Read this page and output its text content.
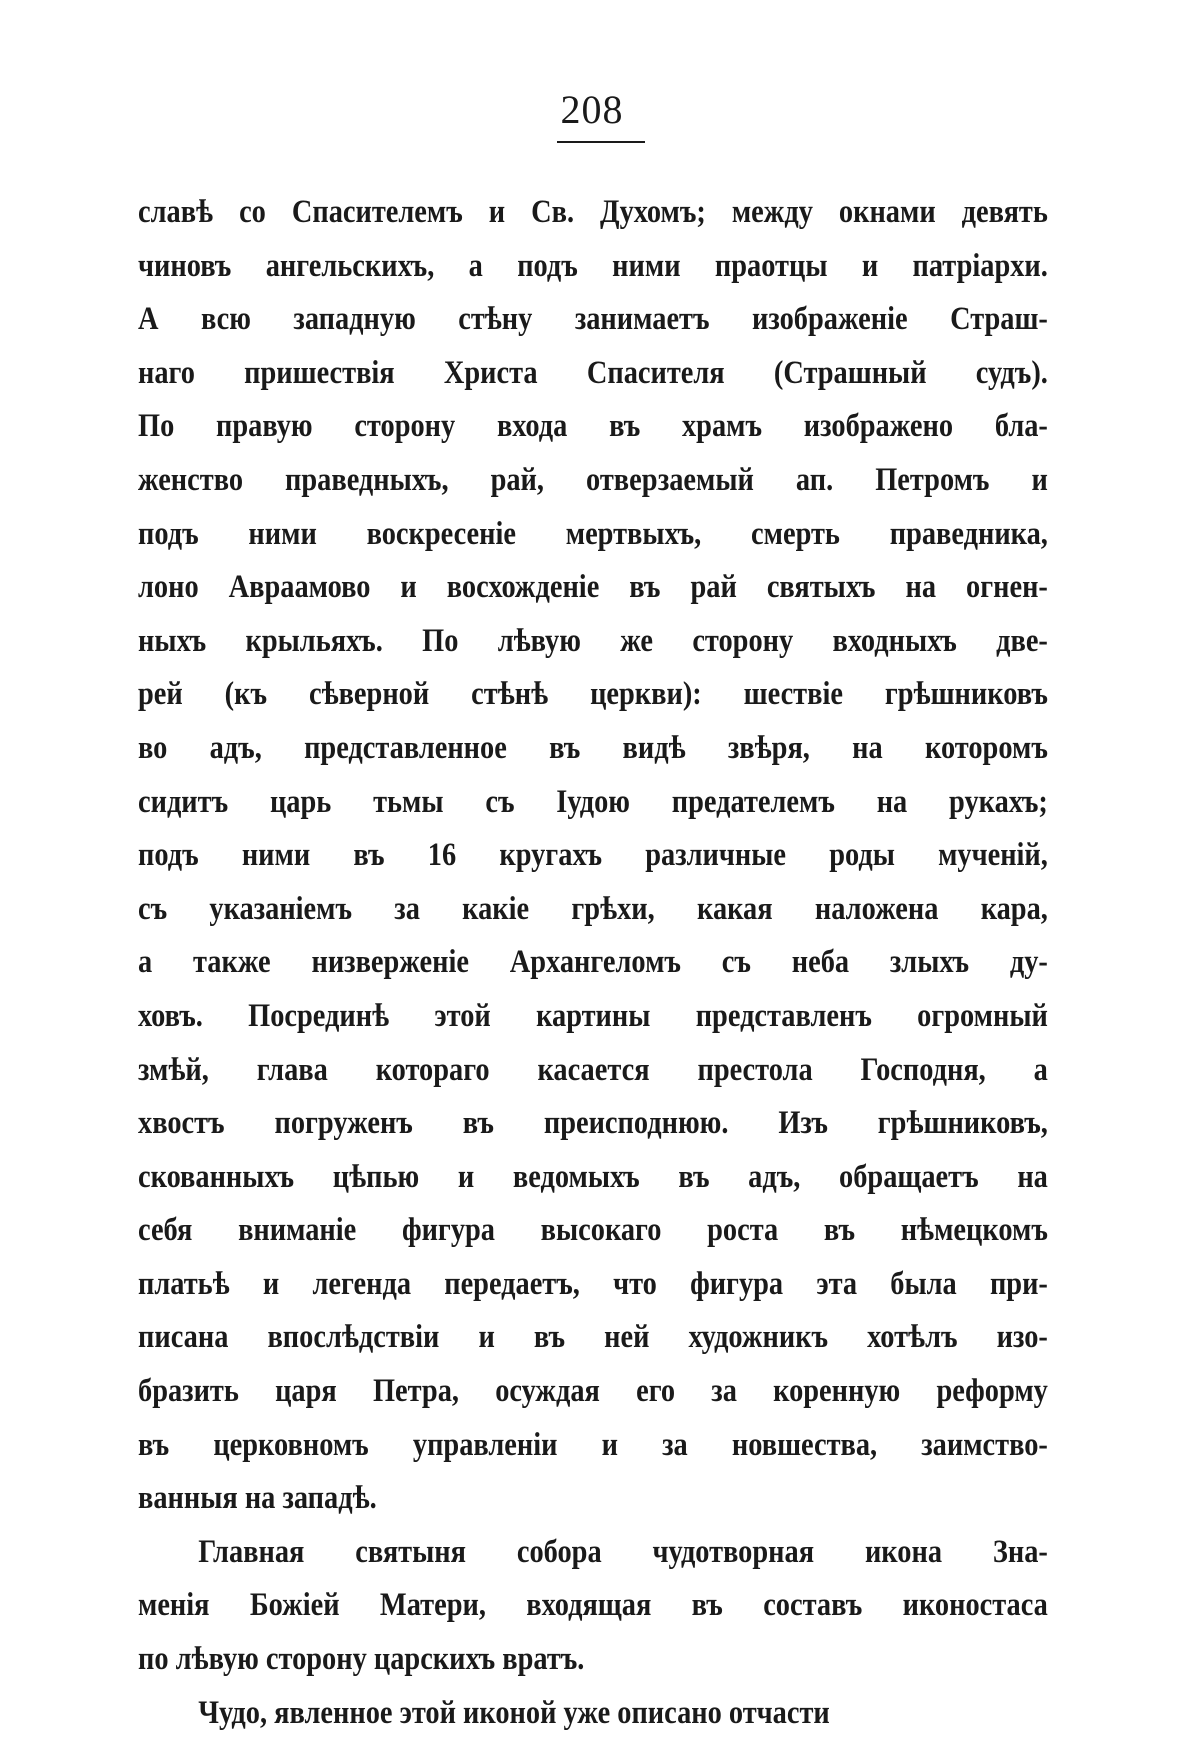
208
славѣ со Спасителемъ и Св. Духомъ; между окнами девять
чиновъ ангельскихъ, а подъ ними праотцы и патріархи.
А всю западную стѣну занимаетъ изображеніе Страш-
наго пришествія Христа Спасителя (Страшный судъ).
По правую сторону входа въ храмъ изображено бла-
женство праведныхъ, рай, отверзаемый ап. Петромъ и
подъ ними воскресеніе мертвыхъ, смерть праведника,
лоно Авраамово и восхожденіе въ рай святыхъ на огнен-
ныхъ крыльяхъ. По лѣвую же сторону входныхъ две-
рей (къ сѣверной стѣнѣ церкви): шествіе грѣшниковъ
во адъ, представленное въ видѣ звѣря, на которомъ
сидитъ царь тьмы съ Іудою предателемъ на рукахъ;
подъ ними въ 16 кругахъ различные роды мученій,
съ указаніемъ за какіе грѣхи, какая наложена кара,
а также низверженіе Архангеломъ съ неба злыхъ ду-
ховъ. Посрединѣ этой картины представленъ огромный
змѣй, глава котораго касается престола Господня, а
хвостъ погруженъ въ преисподнюю. Изъ грѣшниковъ,
скованныхъ цѣпью и ведомыхъ въ адъ, обращаетъ на
себя вниманіе фигура высокаго роста въ нѣмецкомъ
платьѣ и легенда передаетъ, что фигура эта была при-
писана впослѣдствіи и въ ней художникъ хотѣлъ изо-
бразить царя Петра, осуждая его за коренную реформу
въ церковномъ управленіи и за новшества, заимство-
ванныя на западѣ.
Главная святыня собора чудотворная икона Зна-
менія Божіей Матери, входящая въ составъ иконостаса
по лѣвую сторону царскихъ вратъ.
Чудо, явленное этой иконой уже описано отчасти
